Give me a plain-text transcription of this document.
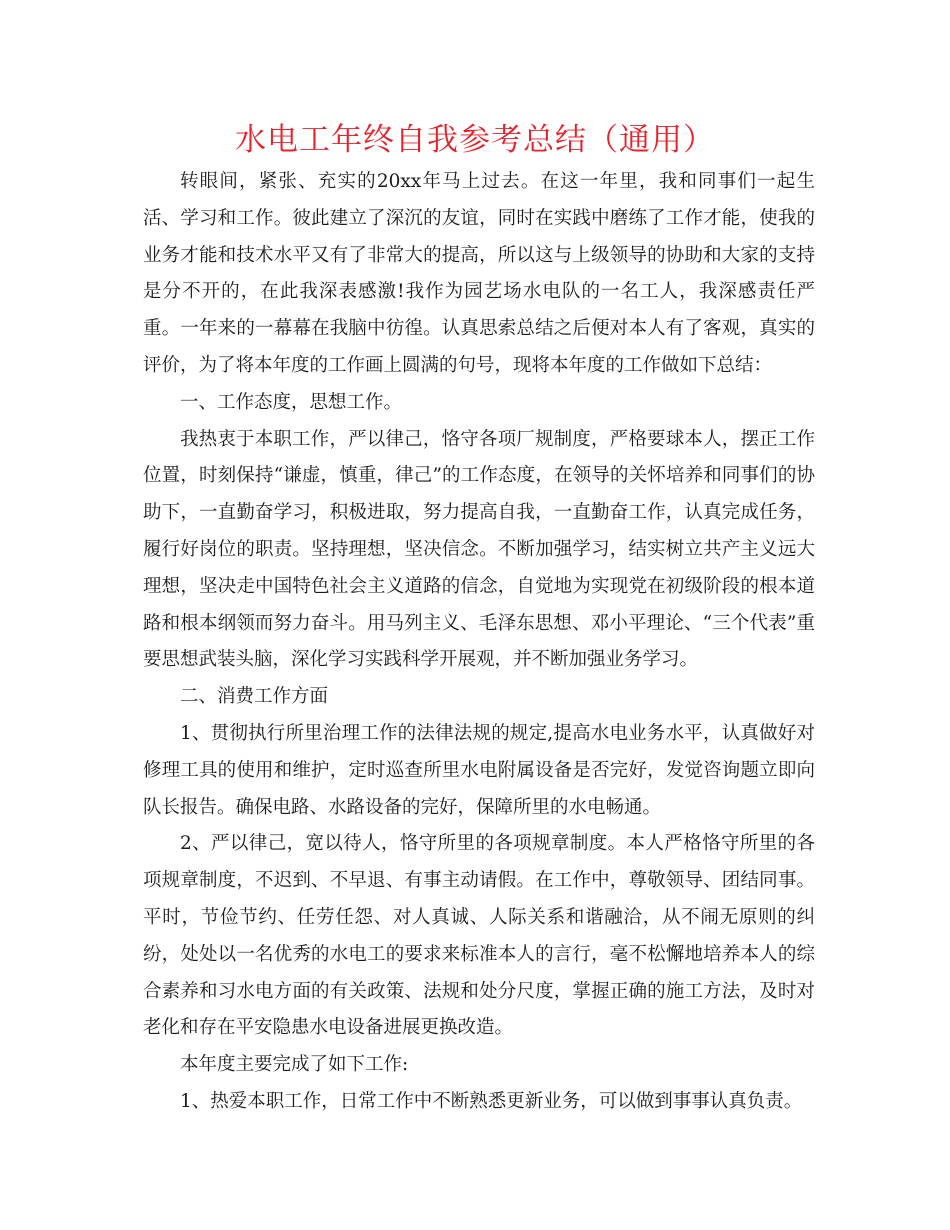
水电工年终自我参考总结（通用）

转眼间，紧张、充实的20xx年马上过去。在这一年里，我和同事们一起生活、学习和工作。彼此建立了深沉的友谊，同时在实践中磨练了工作才能，使我的业务才能和技术水平又有了非常大的提高，所以这与上级领导的协助和大家的支持是分不开的，在此我深表感激!我作为园艺场水电队的一名工人，我深感责任严重。一年来的一幕幕在我脑中彷徨。认真思索总结之后便对本人有了客观，真实的评价，为了将本年度的工作画上圆满的句号，现将本年度的工作做如下总结：

一、工作态度，思想工作。

我热衷于本职工作，严以律己，恪守各项厂规制度，严格要球本人，摆正工作位置，时刻保持“谦虚，慎重，律己”的工作态度，在领导的关怀培养和同事们的协助下，一直勤奋学习，积极进取，努力提高自我，一直勤奋工作，认真完成任务，履行好岗位的职责。坚持理想，坚决信念。不断加强学习，结实树立共产主义远大理想，坚决走中国特色社会主义道路的信念，自觉地为实现党在初级阶段的根本道路和根本纲领而努力奋斗。用马列主义、毛泽东思想、邓小平理论、“三个代表”重要思想武装头脑，深化学习实践科学开展观，并不断加强业务学习。

二、消费工作方面

1、贯彻执行所里治理工作的法律法规的规定,提高水电业务水平，认真做好对修理工具的使用和维护，定时巡查所里水电附属设备是否完好，发觉咨询题立即向队长报告。确保电路、水路设备的完好，保障所里的水电畅通。

2、严以律己，宽以待人，恪守所里的各项规章制度。本人严格恪守所里的各项规章制度，不迟到、不早退、有事主动请假。在工作中，尊敬领导、团结同事。平时，节俭节约、任劳任怨、对人真诚、人际关系和谐融洽，从不闹无原则的纠纷，处处以一名优秀的水电工的要求来标准本人的言行，毫不松懈地培养本人的综合素养和习水电方面的有关政策、法规和处分尺度，掌握正确的施工方法，及时对老化和存在平安隐患水电设备进展更换改造。

本年度主要完成了如下工作:

1、热爱本职工作，日常工作中不断熟悉更新业务，可以做到事事认真负责。
